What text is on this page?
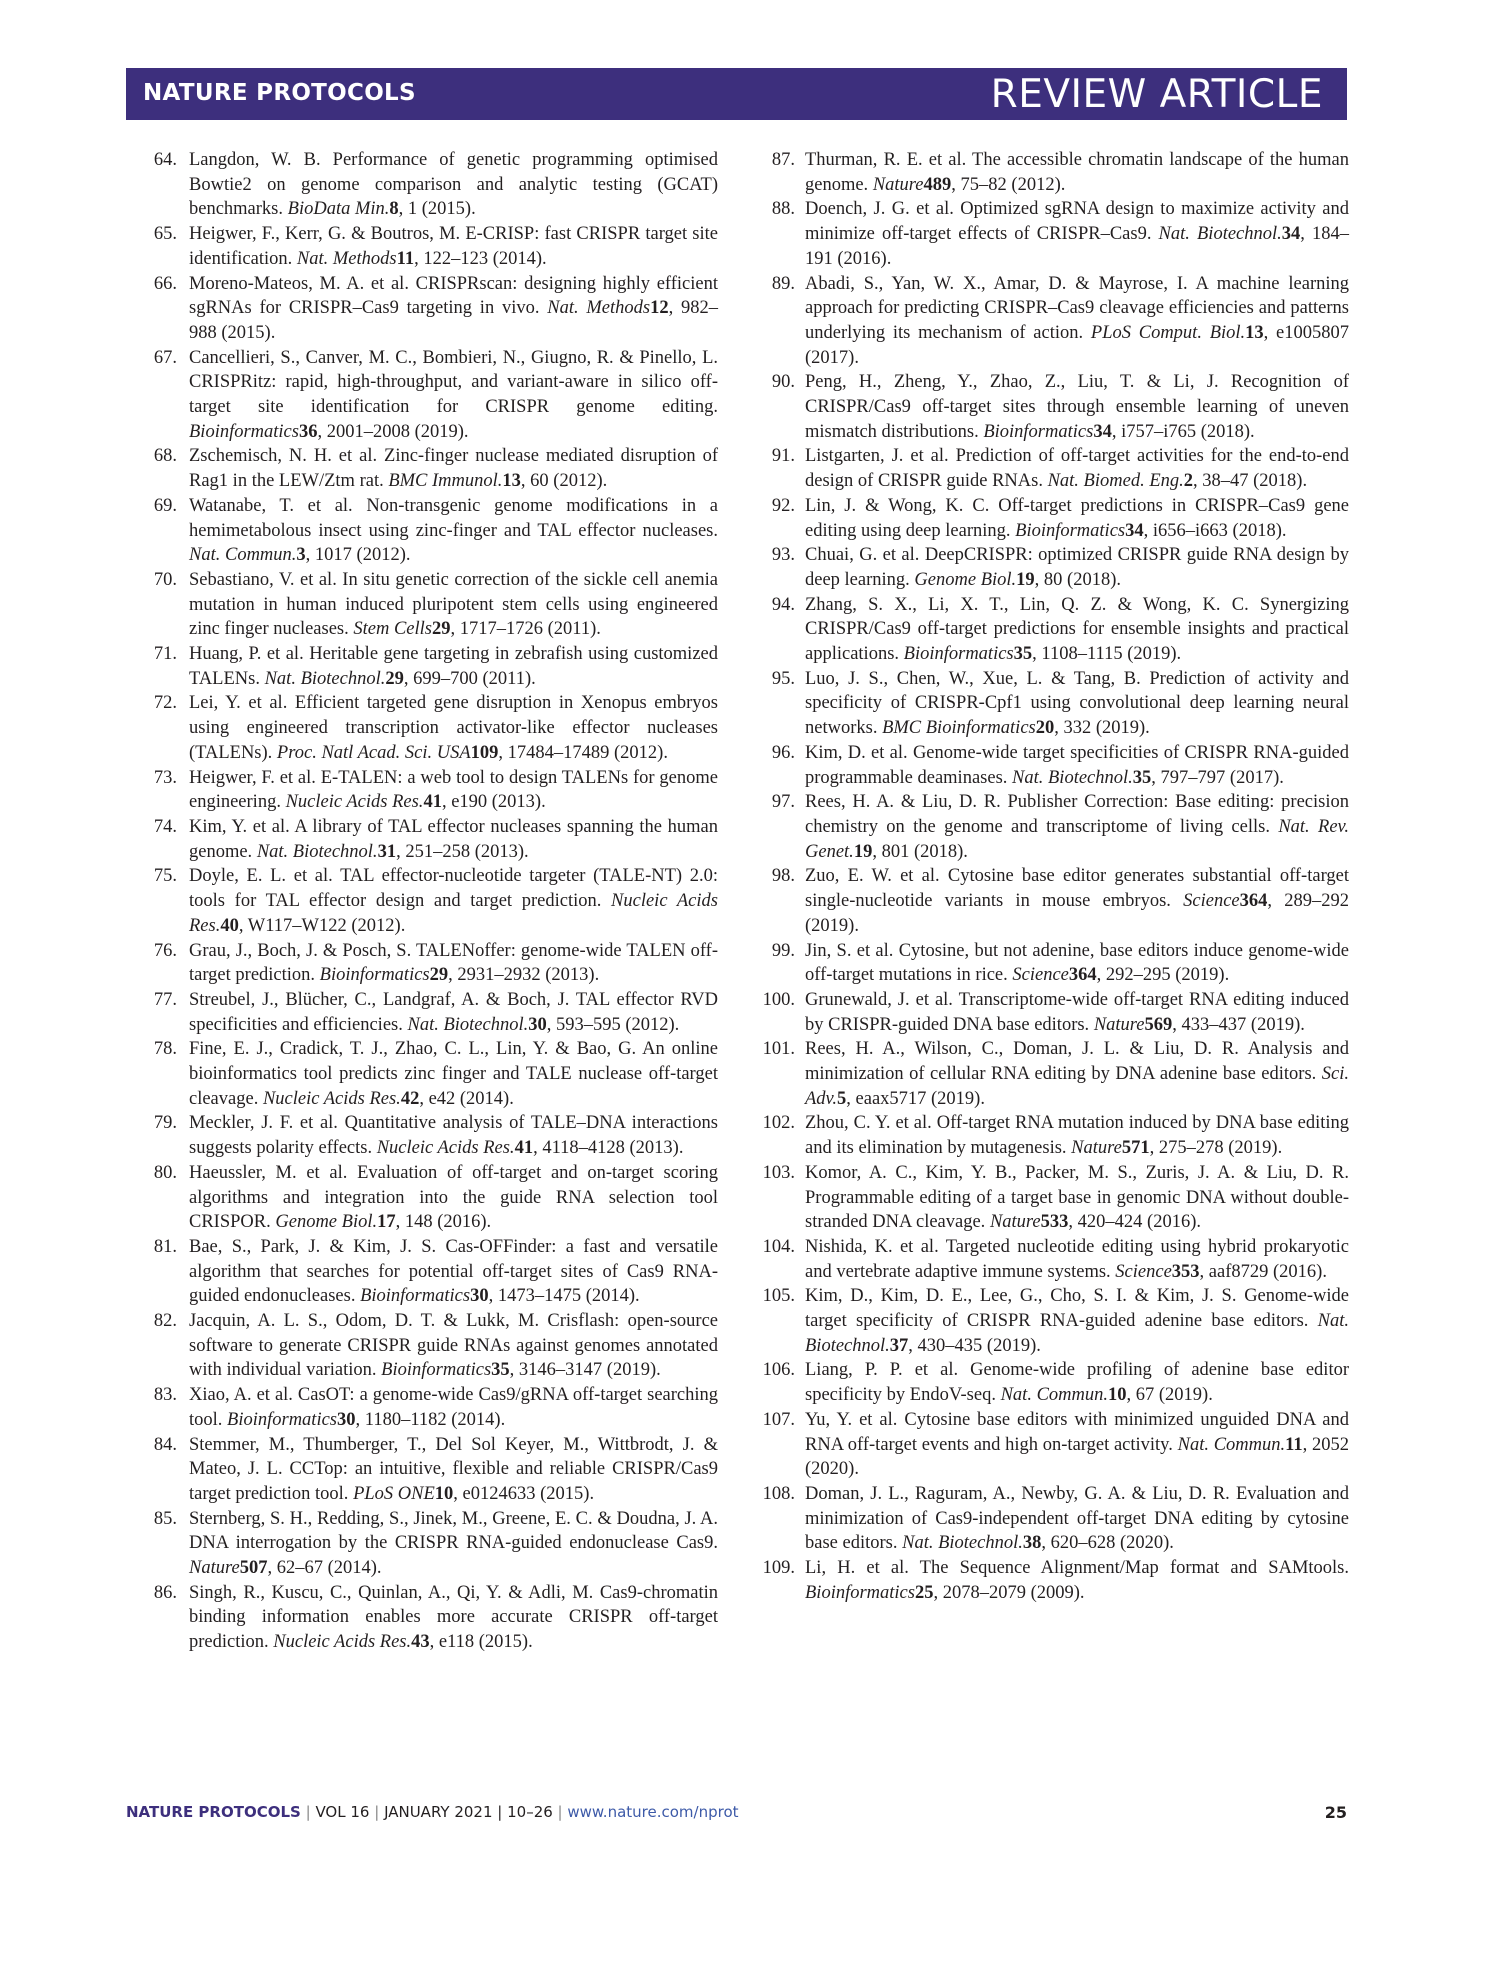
NATURE PROTOCOLS	REVIEW ARTICLE
64. Langdon, W. B. Performance of genetic programming optimised Bowtie2 on genome comparison and analytic testing (GCAT) benchmarks. BioData Min.8, 1 (2015).
65. Heigwer, F., Kerr, G. & Boutros, M. E-CRISP: fast CRISPR target site identification. Nat. Methods11, 122–123 (2014).
66. Moreno-Mateos, M. A. et al. CRISPRscan: designing highly efficient sgRNAs for CRISPR–Cas9 targeting in vivo. Nat. Methods12, 982–988 (2015).
67. Cancellieri, S., Canver, M. C., Bombieri, N., Giugno, R. & Pinello, L. CRISPRitz: rapid, high-throughput, and variant-aware in silico off-target site identification for CRISPR genome editing. Bioinformatics36, 2001–2008 (2019).
68. Zschemisch, N. H. et al. Zinc-finger nuclease mediated disruption of Rag1 in the LEW/Ztm rat. BMC Immunol.13, 60 (2012).
69. Watanabe, T. et al. Non-transgenic genome modifications in a hemimetabolous insect using zinc-finger and TAL effector nucleases. Nat. Commun.3, 1017 (2012).
70. Sebastiano, V. et al. In situ genetic correction of the sickle cell anemia mutation in human induced pluripotent stem cells using engineered zinc finger nucleases. Stem Cells29, 1717–1726 (2011).
71. Huang, P. et al. Heritable gene targeting in zebrafish using customized TALENs. Nat. Biotechnol.29, 699–700 (2011).
72. Lei, Y. et al. Efficient targeted gene disruption in Xenopus embryos using engineered transcription activator-like effector nucleases (TALENs). Proc. Natl Acad. Sci. USA109, 17484–17489 (2012).
73. Heigwer, F. et al. E-TALEN: a web tool to design TALENs for genome engineering. Nucleic Acids Res.41, e190 (2013).
74. Kim, Y. et al. A library of TAL effector nucleases spanning the human genome. Nat. Biotechnol.31, 251–258 (2013).
75. Doyle, E. L. et al. TAL effector-nucleotide targeter (TALE-NT) 2.0: tools for TAL effector design and target prediction. Nucleic Acids Res.40, W117–W122 (2012).
76. Grau, J., Boch, J. & Posch, S. TALENoffer: genome-wide TALEN off-target prediction. Bioinformatics29, 2931–2932 (2013).
77. Streubel, J., Blücher, C., Landgraf, A. & Boch, J. TAL effector RVD specificities and efficiencies. Nat. Biotechnol.30, 593–595 (2012).
78. Fine, E. J., Cradick, T. J., Zhao, C. L., Lin, Y. & Bao, G. An online bioinformatics tool predicts zinc finger and TALE nuclease off-target cleavage. Nucleic Acids Res.42, e42 (2014).
79. Meckler, J. F. et al. Quantitative analysis of TALE–DNA interactions suggests polarity effects. Nucleic Acids Res.41, 4118–4128 (2013).
80. Haeussler, M. et al. Evaluation of off-target and on-target scoring algorithms and integration into the guide RNA selection tool CRISPOR. Genome Biol.17, 148 (2016).
81. Bae, S., Park, J. & Kim, J. S. Cas-OFFinder: a fast and versatile algorithm that searches for potential off-target sites of Cas9 RNA-guided endonucleases. Bioinformatics30, 1473–1475 (2014).
82. Jacquin, A. L. S., Odom, D. T. & Lukk, M. Crisflash: open-source software to generate CRISPR guide RNAs against genomes annotated with individual variation. Bioinformatics35, 3146–3147 (2019).
83. Xiao, A. et al. CasOT: a genome-wide Cas9/gRNA off-target searching tool. Bioinformatics30, 1180–1182 (2014).
84. Stemmer, M., Thumberger, T., Del Sol Keyer, M., Wittbrodt, J. & Mateo, J. L. CCTop: an intuitive, flexible and reliable CRISPR/Cas9 target prediction tool. PLoS ONE10, e0124633 (2015).
85. Sternberg, S. H., Redding, S., Jinek, M., Greene, E. C. & Doudna, J. A. DNA interrogation by the CRISPR RNA-guided endonuclease Cas9. Nature507, 62–67 (2014).
86. Singh, R., Kuscu, C., Quinlan, A., Qi, Y. & Adli, M. Cas9-chromatin binding information enables more accurate CRISPR off-target prediction. Nucleic Acids Res.43, e118 (2015).
87. Thurman, R. E. et al. The accessible chromatin landscape of the human genome. Nature489, 75–82 (2012).
88. Doench, J. G. et al. Optimized sgRNA design to maximize activity and minimize off-target effects of CRISPR–Cas9. Nat. Biotechnol.34, 184–191 (2016).
89. Abadi, S., Yan, W. X., Amar, D. & Mayrose, I. A machine learning approach for predicting CRISPR–Cas9 cleavage efficiencies and patterns underlying its mechanism of action. PLoS Comput. Biol.13, e1005807 (2017).
90. Peng, H., Zheng, Y., Zhao, Z., Liu, T. & Li, J. Recognition of CRISPR/Cas9 off-target sites through ensemble learning of uneven mismatch distributions. Bioinformatics34, i757–i765 (2018).
91. Listgarten, J. et al. Prediction of off-target activities for the end-to-end design of CRISPR guide RNAs. Nat. Biomed. Eng.2, 38–47 (2018).
92. Lin, J. & Wong, K. C. Off-target predictions in CRISPR–Cas9 gene editing using deep learning. Bioinformatics34, i656–i663 (2018).
93. Chuai, G. et al. DeepCRISPR: optimized CRISPR guide RNA design by deep learning. Genome Biol.19, 80 (2018).
94. Zhang, S. X., Li, X. T., Lin, Q. Z. & Wong, K. C. Synergizing CRISPR/Cas9 off-target predictions for ensemble insights and practical applications. Bioinformatics35, 1108–1115 (2019).
95. Luo, J. S., Chen, W., Xue, L. & Tang, B. Prediction of activity and specificity of CRISPR-Cpf1 using convolutional deep learning neural networks. BMC Bioinformatics20, 332 (2019).
96. Kim, D. et al. Genome-wide target specificities of CRISPR RNA-guided programmable deaminases. Nat. Biotechnol.35, 797–797 (2017).
97. Rees, H. A. & Liu, D. R. Publisher Correction: Base editing: precision chemistry on the genome and transcriptome of living cells. Nat. Rev. Genet.19, 801 (2018).
98. Zuo, E. W. et al. Cytosine base editor generates substantial off-target single-nucleotide variants in mouse embryos. Science364, 289–292 (2019).
99. Jin, S. et al. Cytosine, but not adenine, base editors induce genome-wide off-target mutations in rice. Science364, 292–295 (2019).
100. Grunewald, J. et al. Transcriptome-wide off-target RNA editing induced by CRISPR-guided DNA base editors. Nature569, 433–437 (2019).
101. Rees, H. A., Wilson, C., Doman, J. L. & Liu, D. R. Analysis and minimization of cellular RNA editing by DNA adenine base editors. Sci. Adv.5, eaax5717 (2019).
102. Zhou, C. Y. et al. Off-target RNA mutation induced by DNA base editing and its elimination by mutagenesis. Nature571, 275–278 (2019).
103. Komor, A. C., Kim, Y. B., Packer, M. S., Zuris, J. A. & Liu, D. R. Programmable editing of a target base in genomic DNA without double-stranded DNA cleavage. Nature533, 420–424 (2016).
104. Nishida, K. et al. Targeted nucleotide editing using hybrid prokaryotic and vertebrate adaptive immune systems. Science353, aaf8729 (2016).
105. Kim, D., Kim, D. E., Lee, G., Cho, S. I. & Kim, J. S. Genome-wide target specificity of CRISPR RNA-guided adenine base editors. Nat. Biotechnol.37, 430–435 (2019).
106. Liang, P. P. et al. Genome-wide profiling of adenine base editor specificity by EndoV-seq. Nat. Commun.10, 67 (2019).
107. Yu, Y. et al. Cytosine base editors with minimized unguided DNA and RNA off-target events and high on-target activity. Nat. Commun.11, 2052 (2020).
108. Doman, J. L., Raguram, A., Newby, G. A. & Liu, D. R. Evaluation and minimization of Cas9-independent off-target DNA editing by cytosine base editors. Nat. Biotechnol.38, 620–628 (2020).
109. Li, H. et al. The Sequence Alignment/Map format and SAMtools. Bioinformatics25, 2078–2079 (2009).
NATURE PROTOCOLS | VOL 16 | JANUARY 2021 | 10–26 | www.nature.com/nprot	25
